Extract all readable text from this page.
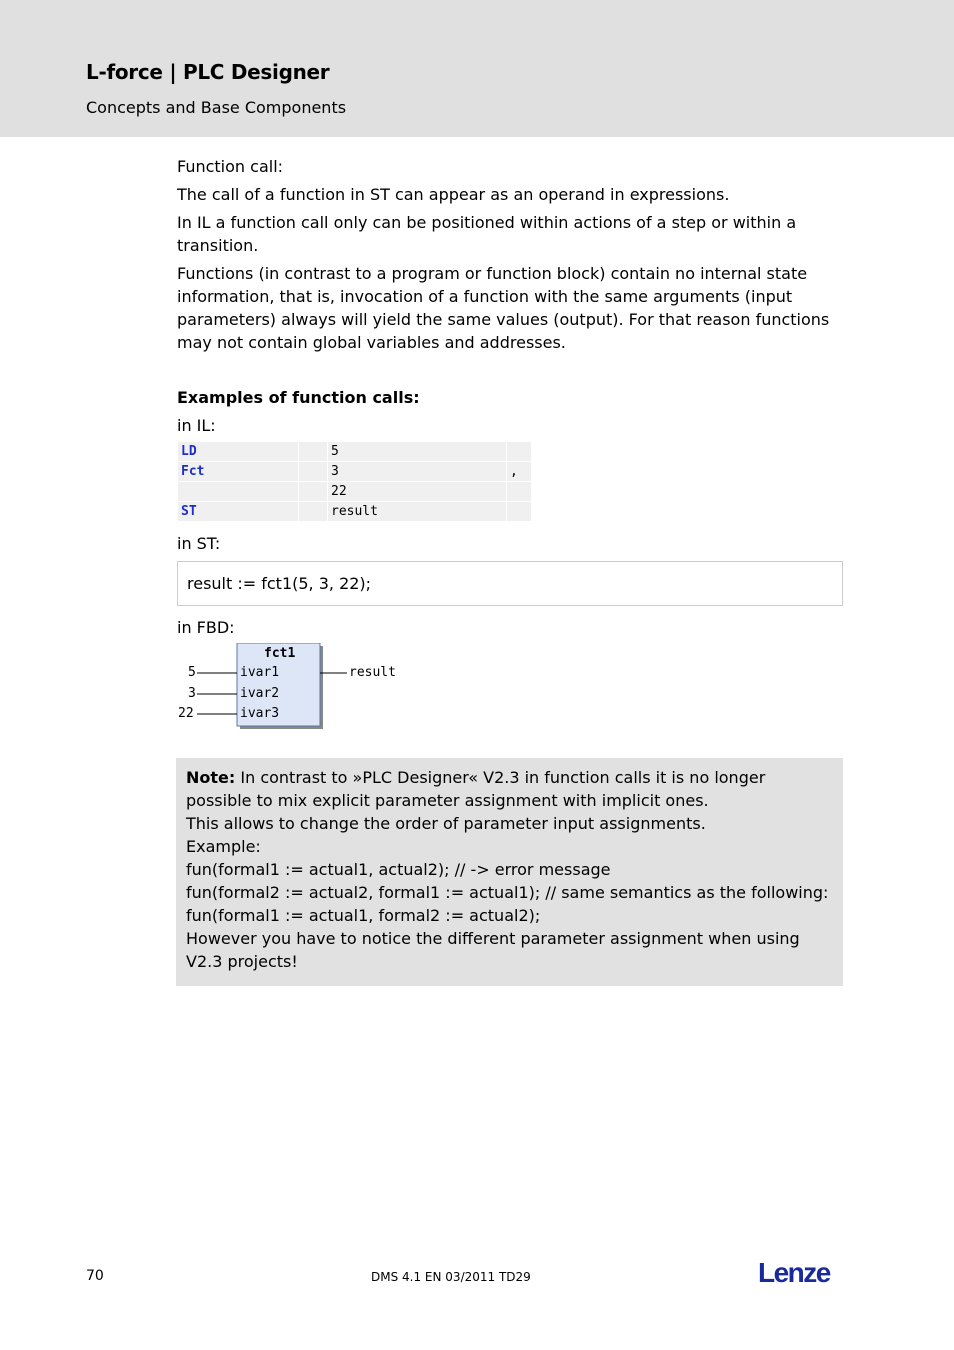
L-force | PLC Designer
Concepts and Base Components

Function call:

The call of a function in ST can appear as an operand in expressions.

In IL a function call only can be positioned within actions of a step or within a transition.

Functions (in contrast to a program or function block) contain no internal state information, that is, invocation of a function with the same arguments (input parameters) always will yield the same values (output). For that reason functions may not contain global variables and addresses.

Examples of function calls:

in IL:

LD		5	
Fct		3	,
		22	
ST		result	

in ST:

result := fct1(5, 3, 22);

in FBD:

fct1
ivar1
ivar2
ivar3
5
3
22
result
Note: In contrast to »PLC Designer« V2.3 in function calls it is no longer possible to mix explicit parameter assignment with implicit ones.
This allows to change the order of parameter input assignments.
Example:
fun(formal1 := actual1, actual2); // -> error message
fun(formal2 := actual2, formal1 := actual1); // same semantics as the following:
fun(formal1 := actual1, formal2 := actual2);
However you have to notice the different parameter assignment when using V2.3 projects!
70	DMS 4.1 EN 03/2011 TD29	Lenze
